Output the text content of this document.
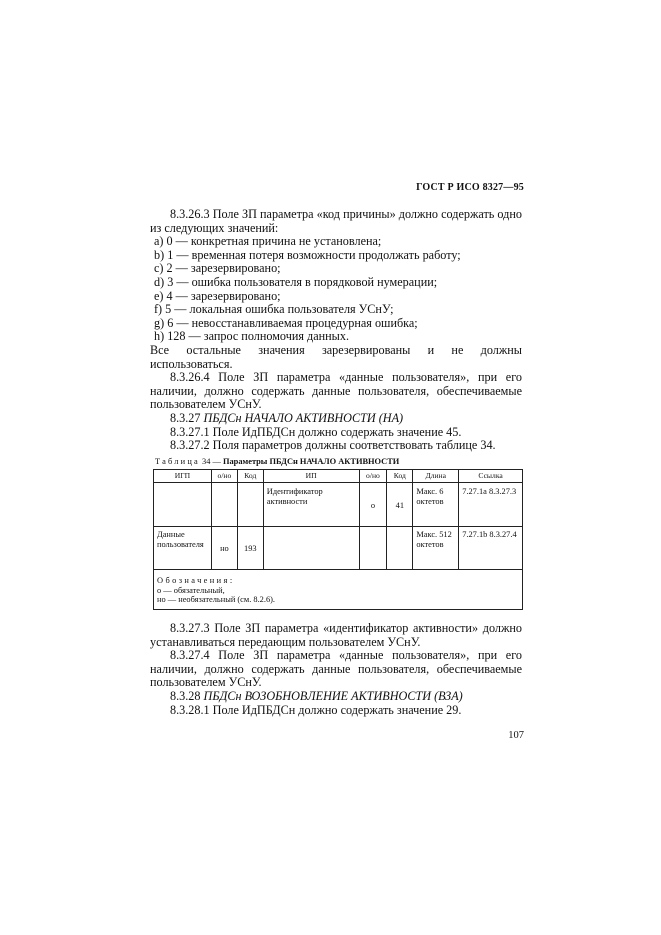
ГОСТ Р ИСО 8327—95

8.3.26.3 Поле ЗП параметра «код причины» должно содержать одно из следующих значений:

a) 0 — конкретная причина не установлена;

b) 1 — временная потеря возможности продолжать работу;

c) 2 — зарезервировано;

d) 3 — ошибка пользователя в порядковой нумерации;

e) 4 — зарезервировано;

f) 5 — локальная ошибка пользователя УСнУ;

g) 6 — невосстанавливаемая процедурная ошибка;

h) 128 — запрос полномочия данных.

Все остальные значения зарезервированы и не должны использоваться.

8.3.26.4 Поле ЗП параметра «данные пользователя», при его наличии, должно содержать данные пользователя, обеспечиваемые пользователем УСнУ.

8.3.27 ПБДСн НАЧАЛО АКТИВНОСТИ (НА)

8.3.27.1 Поле ИдПБДСн должно содержать значение 45.

8.3.27.2 Поля параметров должны соответствовать таблице 34.

Таблица 34 — Параметры ПБДСн НАЧАЛО АКТИВНОСТИ
ИГП	о/но	Код	ИП	о/но	Код	Длина	Ссылка
			Идентификатор активности	о	41	Макс. 6 октетов	7.27.1а 8.3.27.3
Данные пользователя	но	193				Макс. 512 октетов	7.27.1b 8.3.27.4

Обозначения:
о — обязательный,
но — необязательный (см. 8.2.6).							

8.3.27.3 Поле ЗП параметра «идентификатор активности» должно устанавливаться передающим пользователем УСнУ.

8.3.27.4 Поле ЗП параметра «данные пользователя», при его наличии, должно содержать данные пользователя, обеспечиваемые пользователем УСнУ.

8.3.28 ПБДСн ВОЗОБНОВЛЕНИЕ АКТИВНОСТИ (ВЗА)

8.3.28.1 Поле ИдПБДСн должно содержать значение 29.

107
